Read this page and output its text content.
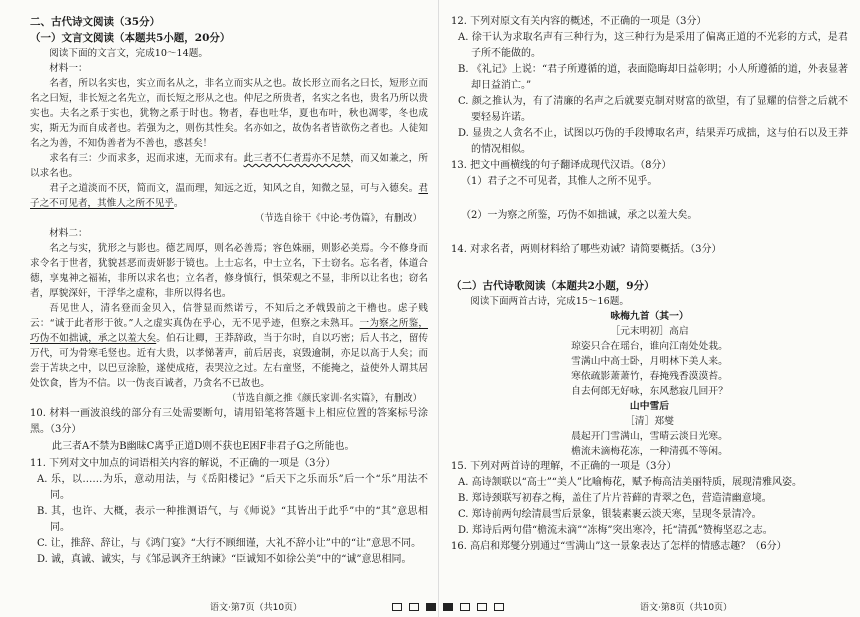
二、古代诗文阅读（35分）

（一）文言文阅读（本题共5小题，20分）

阅读下面的文言文，完成10～14题。

材料一：

名者，所以名实也，实立而名从之，非名立而实从之也。故长形立而名之曰长，短形立而名之曰短，非长短之名先立，而长短之形从之也。仲尼之所贵者，名实之名也，贵名乃所以贵实也。夫名之系于实也，犹物之系于时也。物者，春也吐华，夏也布叶，秋也凋零，冬也成实，斯无为而自成者也。若强为之，则伤其性矣。名亦如之，故伪名者皆欲伤之者也。人徒知名之为善，不知伪善者为不善也，惑甚矣！

求名有三：少而求多，迟而求速，无而求有。此三者不仁者焉亦不足禁，而又如兼之，所以求名也。

君子之道淡而不厌，简而文，温而理，知远之近，知风之自，知微之显，可与入德矣。君子之不可见者，其惟人之所不见乎。

（节选自徐干《中论·考伪篇》，有删改）

材料二：

名之与实，犹形之与影也。德艺周厚，则名必善焉；容色姝丽，则影必美焉。今不修身而求令名于世者，犹貌甚恶而责妍影于镜也。上士忘名，中士立名，下士窃名。忘名者，体道合德，享鬼神之福祐，非所以求名也；立名者，修身慎行，惧荣观之不显，非所以让名也；窃名者，厚貌深奸，干浮华之虚称，非所以得名也。

吾见世人，清名登而金贝入，信誉显而然诺亏，不知后之矛戟毁前之干橹也。虑子贱云：“诚于此者形于彼。”人之虚实真伪在乎心，无不见乎迹，但察之未熟耳。一为察之所鉴，巧伪不如拙诚，承之以羞大矣。伯石让卿，王莽辞政，当于尔时，自以巧密；后人书之，留传万代，可为骨寒毛竖也。近有大贵，以孝悌著声，前后居丧，哀毁逾制，亦足以高于人矣；而尝于苫块之中，以巴豆涂脸，遂使成疮，表哭泣之过。左右童竖，不能掩之，益使外人谓其居处饮食，皆为不信。以一伪丧百诚者，乃贪名不已故也。

（节选自颜之推《颜氏家训·名实篇》，有删改）

10. 材料一画波浪线的部分有三处需要断句，请用铅笔将答题卡上相应位置的答案标号涂黑。（3分）

此三者A不禁为B幽昧C离乎正道D则不获也E困F非君子G之所能也。

11. 下列对文中加点的词语相关内容的解说，不正确的一项是（3分）

A. 乐，以……为乐，意动用法，与《岳阳楼记》“后天下之乐而乐”后一个“乐”用法不同。

B. 其，也许、大概，表示一种推测语气，与《师说》“其皆出于此乎”中的“其”意思相同。

C. 让，推辞、辞让，与《鸿门宴》“大行不顾细谨，大礼不辞小让”中的“让”意思不同。

D. 诚，真诚、诚实，与《邹忌讽齐王纳谏》“臣诚知不如徐公美”中的“诚”意思相同。

12. 下列对原文有关内容的概述，不正确的一项是（3分）

A. 徐干认为求取名声有三种行为，这三种行为是采用了偏离正道的不光彩的方式，是君子所不能做的。

B. 《礼记》上说：“君子所遵循的道，表面隐晦却日益彰明；小人所遵循的道，外表显著却日益消亡。”

C. 颜之推认为，有了清廉的名声之后就要克制对财富的欲望，有了显耀的信誉之后就不要轻易许诺。

D. 显贵之人贪名不止，试图以巧伪的手段博取名声，结果弄巧成拙，这与伯石以及王莽的情况相似。

13. 把文中画横线的句子翻译成现代汉语。（8分）

（1）君子之不可见者，其惟人之所不见乎。

（2）一为察之所鉴，巧伪不如拙诚，承之以羞大矣。

14. 对求名者，两则材料给了哪些劝诫？请简要概括。（3分）

（二）古代诗歌阅读（本题共2小题，9分）

阅读下面两首古诗，完成15～16题。

咏梅九首（其一）

［元末明初］高启

琼姿只合在瑶台，谁向江南处处栽。

雪满山中高士卧，月明林下美人来。

寒依疏影萧萧竹，春掩残香漠漠苔。

自去何郎无好咏，东风愁寂几回开？

山中雪后

［清］郑燮

晨起开门雪满山，雪晴云淡日光寒。

檐流未滴梅花冻，一种清孤不等闲。

15. 下列对两首诗的理解，不正确的一项是（3分）

A. 高诗颔联以“高士”“美人”比喻梅花，赋予梅高洁美丽特质，展现清雅风姿。

B. 郑诗颈联写初春之梅，盖住了片片苔藓的青翠之色，营造清幽意境。

C. 郑诗前两句绘清晨雪后景象，银装素裹云淡天寒，呈现冬景清冷。

D. 郑诗后两句借“檐流未滴”“冻梅”突出寒冷，托“清孤”赞梅坚忍之志。

16. 高启和郑燮分别通过“雪满山”这一景象表达了怎样的情感志趣？（6分）

语文·第7页（共10页）	语文·第8页（共10页）
